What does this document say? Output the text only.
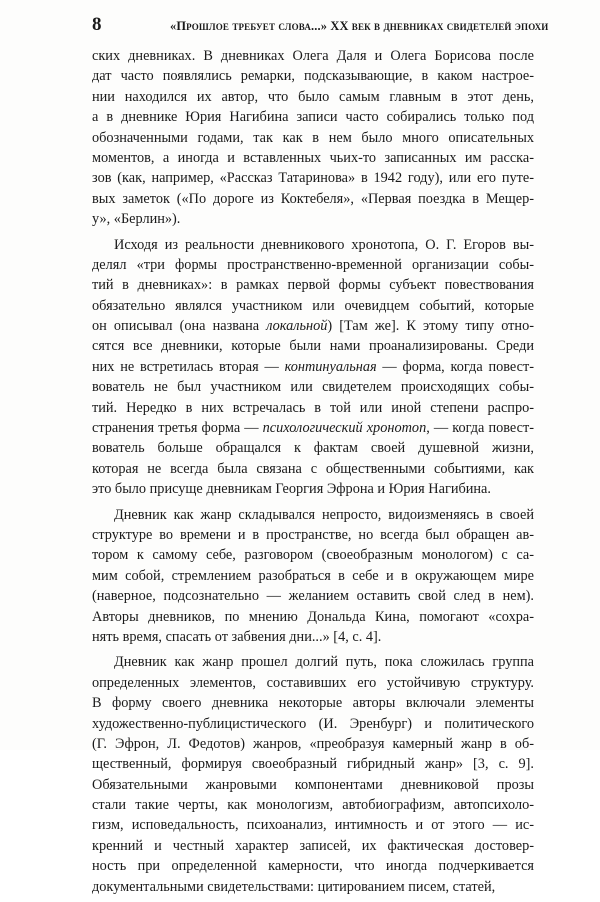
8	«Прошлое требует слова...» XX век в дневниках свидетелей эпохи
ских дневниках. В дневниках Олега Даля и Олега Борисова после
дат часто появлялись ремарки, подсказывающие, в каком настрое-
нии находился их автор, что было самым главным в этот день,
а в дневнике Юрия Нагибина записи часто собирались только под
обозначенными годами, так как в нем было много описательных
моментов, а иногда и вставленных чьих-то записанных им расска-
зов (как, например, «Рассказ Татаринова» в 1942 году), или его путе-
вых заметок («По дороге из Коктебеля», «Первая поездка в Мещер-
у», «Берлин»).
Исходя из реальности дневникового хронотопа, О. Г. Егоров вы-
делял «три формы пространственно-временной организации собы-
тий в дневниках»: в рамках первой формы субъект повествования
обязательно являлся участником или очевидцем событий, которые
он описывал (она названа локальной) [Там же]. К этому типу отно-
сятся все дневники, которые были нами проанализированы. Среди
них не встретилась вторая — континуальная — форма, когда повест-
вователь не был участником или свидетелем происходящих собы-
тий. Нередко в них встречалась в той или иной степени распро-
странения третья форма — психологический хронотоп, — когда повест-
вователь больше обращался к фактам своей душевной жизни,
которая не всегда была связана с общественными событиями, как
это было присуще дневникам Георгия Эфрона и Юрия Нагибина.
Дневник как жанр складывался непросто, видоизменяясь в своей
структуре во времени и в пространстве, но всегда был обращен ав-
тором к самому себе, разговором (своеобразным монологом) с са-
мим собой, стремлением разобраться в себе и в окружающем мире
(наверное, подсознательно — желанием оставить свой след в нем).
Авторы дневников, по мнению Дональда Кина, помогают «сохра-
нять время, спасать от забвения дни...» [4, с. 4].
Дневник как жанр прошел долгий путь, пока сложилась группа
определенных элементов, составивших его устойчивую структуру.
В форму своего дневника некоторые авторы включали элементы
художественно-публицистического (И. Эренбург) и политического
(Г. Эфрон, Л. Федотов) жанров, «преобразуя камерный жанр в об-
щественный, формируя своеобразный гибридный жанр» [3, с. 9].
Обязательными жанровыми компонентами дневниковой прозы
стали такие черты, как монологизм, автобиографизм, автопсихоло-
гизм, исповедальность, психоанализ, интимность и от этого — ис-
кренний и честный характер записей, их фактическая достовер-
ность при определенной камерности, что иногда подчеркивается
документальными свидетельствами: цитированием писем, статей,
